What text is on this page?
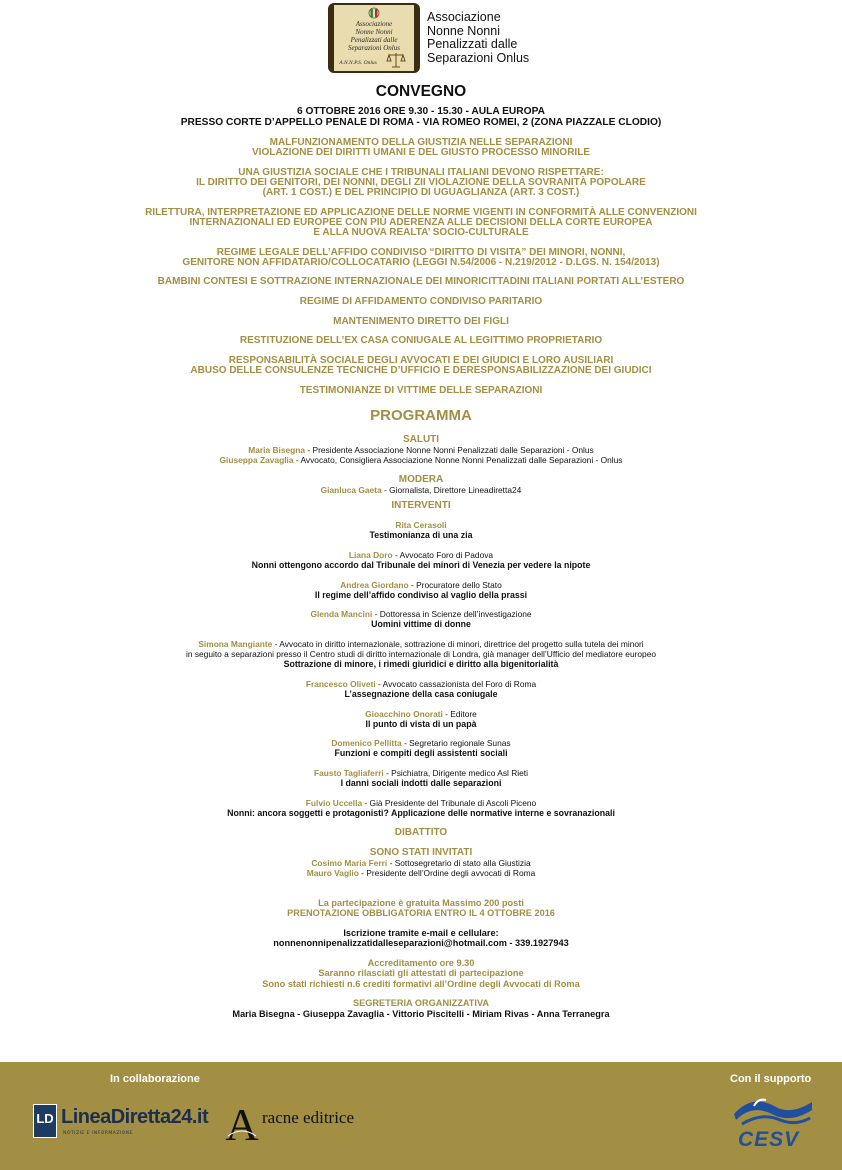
Associazione
Nonne Nonni
Penalizzati dalle
Separazioni Onlus
A.N.N.P.S. Onlus
Associazione
Nonne Nonni
Penalizzati dalle
Separazioni Onlus
CONVEGNO
6 OTTOBRE 2016 ORE 9.30 - 15.30 - AULA EUROPA
PRESSO CORTE D’APPELLO PENALE DI ROMA - VIA ROMEO ROMEI, 2 (ZONA PIAZZALE CLODIO)
MALFUNZIONAMENTO DELLA GIUSTIZIA NELLE SEPARAZIONI
VIOLAZIONE DEI DIRITTI UMANI E DEL GIUSTO PROCESSO MINORILE
UNA GIUSTIZIA SOCIALE CHE I TRIBUNALI ITALIANI DEVONO RISPETTARE:
IL DIRITTO DEI GENITORI, DEI NONNI, DEGLI ZII VIOLAZIONE DELLA SOVRANITÀ POPOLARE
(ART. 1 COST.) E DEL PRINCIPIO DI UGUAGLIANZA (ART. 3 COST.)
RILETTURA, INTERPRETAZIONE ED APPLICAZIONE DELLE NORME VIGENTI IN CONFORMITÀ ALLE CONVENZIONI
INTERNAZIONALI ED EUROPEE CON PIÙ ADERENZA ALLE DECISIONI DELLA CORTE EUROPEA
E ALLA NUOVA REALTA’ SOCIO-CULTURALE
REGIME LEGALE DELL’AFFIDO CONDIVISO “DIRITTO DI VISITA” DEI MINORI, NONNI,
GENITORE NON AFFIDATARIO/COLLOCATARIO (LEGGI N.54/2006 - N.219/2012 - D.LGS. N. 154/2013)
BAMBINI CONTESI E SOTTRAZIONE INTERNAZIONALE DEI MINORICITTADINI ITALIANI PORTATI ALL’ESTERO
REGIME DI AFFIDAMENTO CONDIVISO PARITARIO
MANTENIMENTO DIRETTO DEI FIGLI
RESTITUZIONE DELL’EX CASA CONIUGALE AL LEGITTIMO PROPRIETARIO
RESPONSABILITÀ SOCIALE DEGLI AVVOCATI E DEI GIUDICI E LORO AUSILIARI
ABUSO DELLE CONSULENZE TECNICHE D’UFFICIO E DERESPONSABILIZZAZIONE DEI GIUDICI
TESTIMONIANZE DI VITTIME DELLE SEPARAZIONI
PROGRAMMA
SALUTI
Maria Bisegna - Presidente Associazione Nonne Nonni Penalizzati dalle Separazioni - Onlus
Giuseppa Zavaglia - Avvocato, Consigliera Associazione Nonne Nonni Penalizzati dalle Separazioni - Onlus
MODERA
Gianluca Gaeta - Giornalista, Direttore Lineadiretta24
INTERVENTI
Rita Cerasoli
Testimonianza di una zia
Liana Doro - Avvocato Foro di Padova
Nonni ottengono accordo dal Tribunale dei minori di Venezia per vedere la nipote
Andrea Giordano - Procuratore dello Stato
Il regime dell’affido condiviso al vaglio della prassi
Glenda Mancini - Dottoressa in Scienze dell’investigazione
Uomini vittime di donne
Simona Mangiante - Avvocato in diritto internazionale, sottrazione di minori, direttrice del progetto sulla tutela dei minori
in seguito a separazioni presso il Centro studi di diritto internazionale di Londra, già manager dell’Ufficio del mediatore europeo
Sottrazione di minore, i rimedi giuridici e diritto alla bigenitorialità
Francesco Oliveti - Avvocato cassazionista del Foro di Roma
L’assegnazione della casa coniugale
Gioacchino Onorati - Editore
Il punto di vista di un papà
Domenico Pellitta - Segretario regionale Sunas
Funzioni e compiti degli assistenti sociali
Fausto Tagliaferri - Psichiatra, Dirigente medico Asl Rieti
I danni sociali indotti dalle separazioni
Fulvio Uccella - Già Presidente del Tribunale di Ascoli Piceno
Nonni: ancora soggetti e protagonisti? Applicazione delle normative interne e sovranazionali
DIBATTITO
SONO STATI INVITATI
Cosimo Maria Ferri - Sottosegretario di stato alla Giustizia
Mauro Vaglio - Presidente dell’Ordine degli avvocati di Roma
La partecipazione è gratuita Massimo 200 posti
PRENOTAZIONE OBBLIGATORIA ENTRO IL 4 OTTOBRE 2016
Iscrizione tramite e-mail e cellulare:
nonnenonnipenalizzatidalleseparazioni@hotmail.com - 339.1927943
Accreditamento ore 9.30
Saranno rilasciati gli attestati di partecipazione
Sono stati richiesti n.6 crediti formativi all’Ordine degli Avvocati di Roma
SEGRETERIA ORGANIZZATIVA
Maria Bisegna - Giuseppa Zavaglia - Vittorio Piscitelli - Miriam Rivas - Anna Terranegra
In collaborazione	Con il supporto
LD LineaDiretta24.it
NOTIZIE E INFORMAZIONE A racne editrice
CESV
